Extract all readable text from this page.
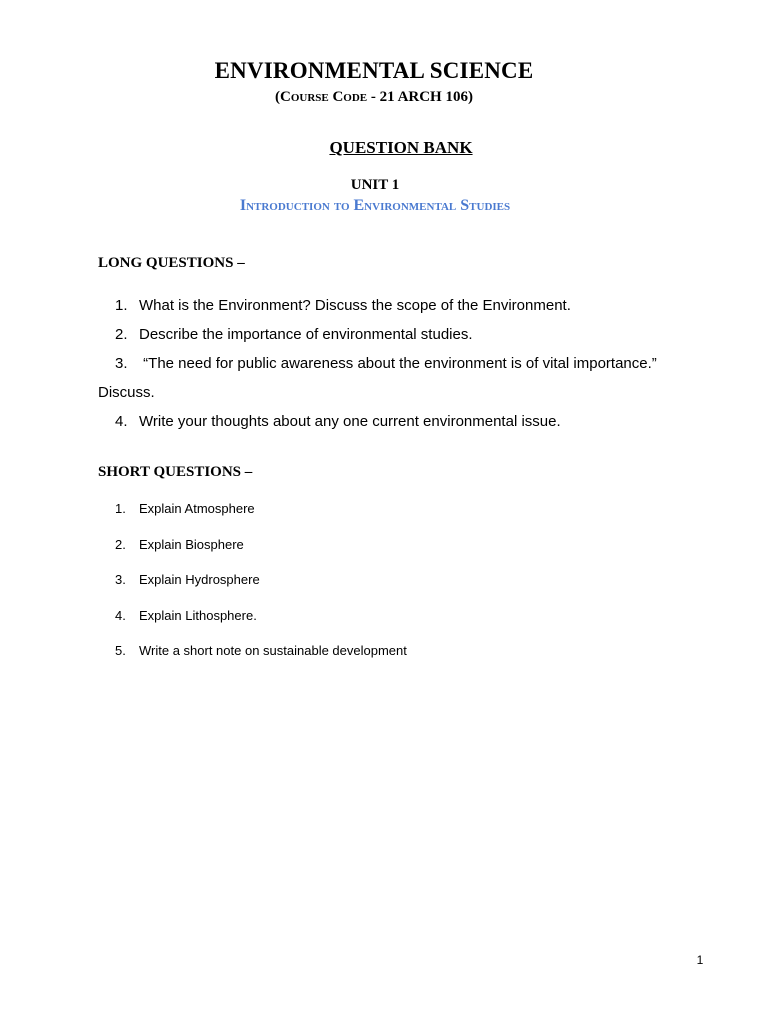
ENVIRONMENTAL SCIENCE
(Course Code - 21 ARCH 106)
QUESTION BANK
UNIT 1
Introduction to Environmental Studies
LONG QUESTIONS –
1. What is the Environment? Discuss the scope of the Environment.
2. Describe the importance of environmental studies.
3. “The need for public awareness about the environment is of vital importance.”
Discuss.
4. Write your thoughts about any one current environmental issue.
SHORT QUESTIONS –
1. Explain Atmosphere
2. Explain Biosphere
3. Explain Hydrosphere
4. Explain Lithosphere.
5. Write a short note on sustainable development
1
